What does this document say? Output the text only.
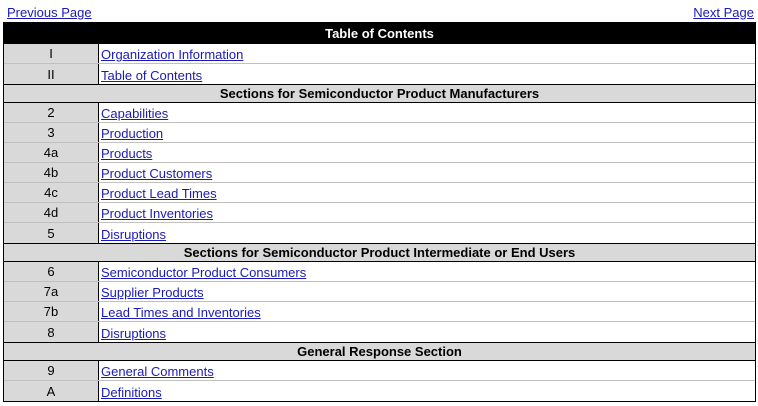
Previous Page	Next Page
Table of Contents
I	Organization Information
II	Table of Contents
Sections for Semiconductor Product Manufacturers
2	Capabilities
3	Production
4a	Products
4b	Product Customers
4c	Product Lead Times
4d	Product Inventories
5	Disruptions
Sections for Semiconductor Product Intermediate or End Users
6	Semiconductor Product Consumers
7a	Supplier Products
7b	Lead Times and Inventories
8	Disruptions
General Response Section
9	General Comments
A	Definitions
